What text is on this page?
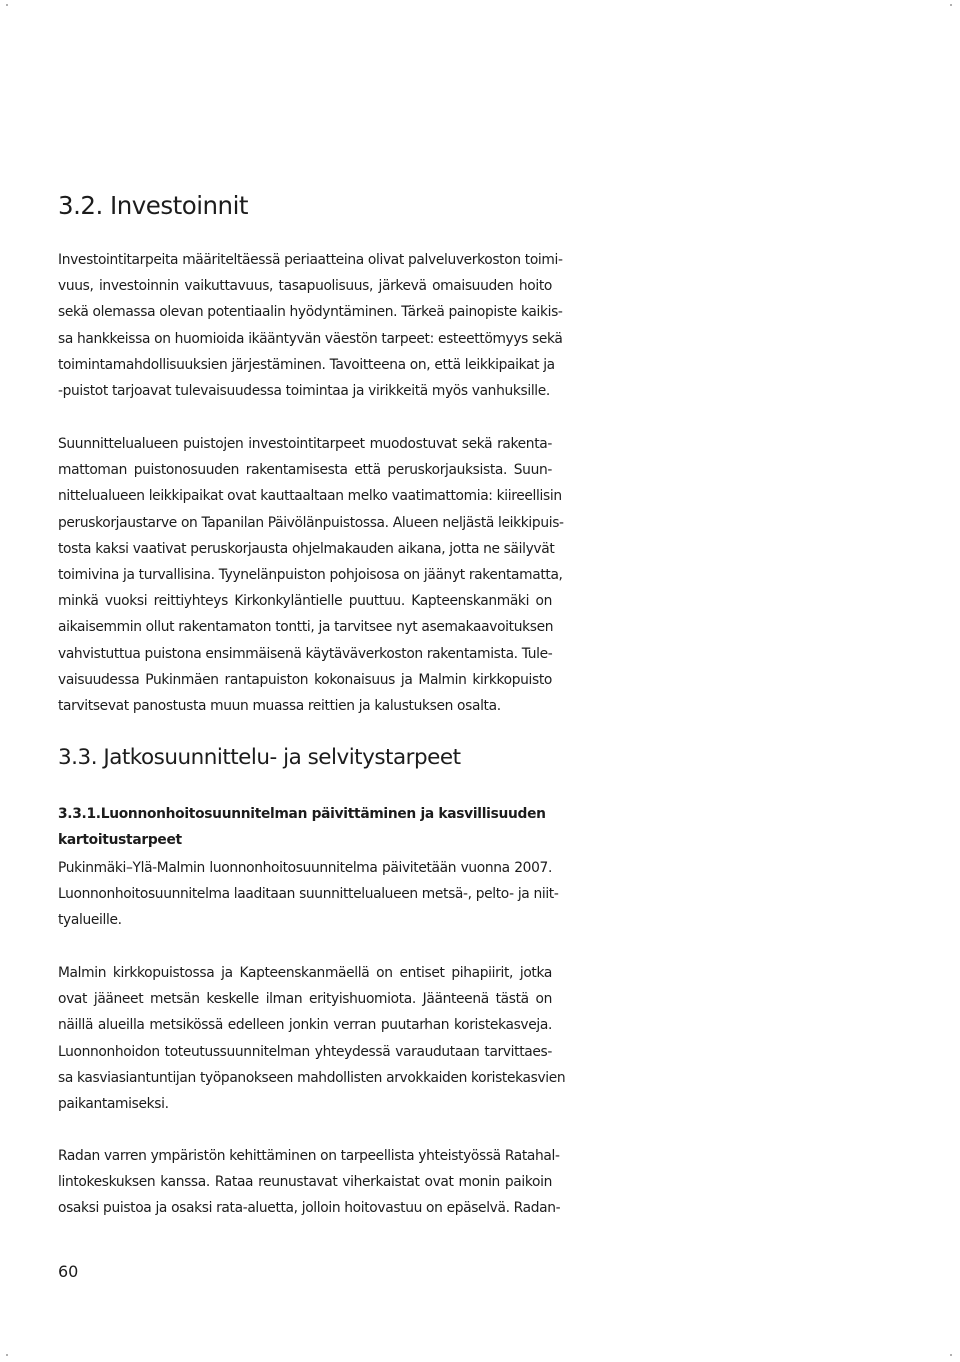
3.2. Investoinnit

Investointitarpeita määriteltäessä periaatteina olivat palveluverkoston toimi-
vuus, investoinnin vaikuttavuus, tasapuolisuus, järkevä omaisuuden hoito
sekä olemassa olevan potentiaalin hyödyntäminen. Tärkeä painopiste kaikis-
sa hankkeissa on huomioida ikääntyvän väestön tarpeet: esteettömyys sekä
toimintamahdollisuuksien järjestäminen. Tavoitteena on, että leikkipaikat ja
-puistot tarjoavat tulevaisuudessa toimintaa ja virikkeitä myös vanhuksille.

Suunnittelualueen puistojen investointitarpeet muodostuvat sekä rakenta-
mattoman puistonosuuden rakentamisesta että peruskorjauksista. Suun-
nittelualueen leikkipaikat ovat kauttaaltaan melko vaatimattomia: kiireellisin
peruskorjaustarve on Tapanilan Päivölänpuistossa. Alueen neljästä leikkipuis-
tosta kaksi vaativat peruskorjausta ohjelmakauden aikana, jotta ne säilyvät
toimivina ja turvallisina. Tyynelänpuiston pohjoisosa on jäänyt rakentamatta,
minkä vuoksi reittiyhteys Kirkonkyläntielle puuttuu. Kapteenskanmäki on
aikaisemmin ollut rakentamaton tontti, ja tarvitsee nyt asemakaavoituksen
vahvistuttua puistona ensimmäisenä käytäväverkoston rakentamista. Tule-
vaisuudessa Pukinmäen rantapuiston kokonaisuus ja Malmin kirkkopuisto
tarvitsevat panostusta muun muassa reittien ja kalustuksen osalta.

3.3. Jatkosuunnittelu- ja selvitystarpeet
3.3.1.Luonnonhoitosuunnitelman päivittäminen ja kasvillisuuden
kartoitustarpeet

Pukinmäki–Ylä-Malmin luonnonhoitosuunnitelma päivitetään vuonna 2007.
Luonnonhoitosuunnitelma laaditaan suunnittelualueen metsä-, pelto- ja niit-
tyalueille.

Malmin kirkkopuistossa ja Kapteenskanmäellä on entiset pihapiirit, jotka
ovat jääneet metsän keskelle ilman erityishuomiota. Jäänteenä tästä on
näillä alueilla metsikössä edelleen jonkin verran puutarhan koristekasveja.
Luonnonhoidon toteutussuunnitelman yhteydessä varaudutaan tarvittaes-
sa kasviasiantuntijan työpanokseen mahdollisten arvokkaiden koristekasvien
paikantamiseksi.

Radan varren ympäristön kehittäminen on tarpeellista yhteistyössä Ratahal-
lintokeskuksen kanssa. Rataa reunustavat viherkaistat ovat monin paikoin
osaksi puistoa ja osaksi rata-aluetta, jolloin hoitovastuu on epäselvä. Radan-

60
